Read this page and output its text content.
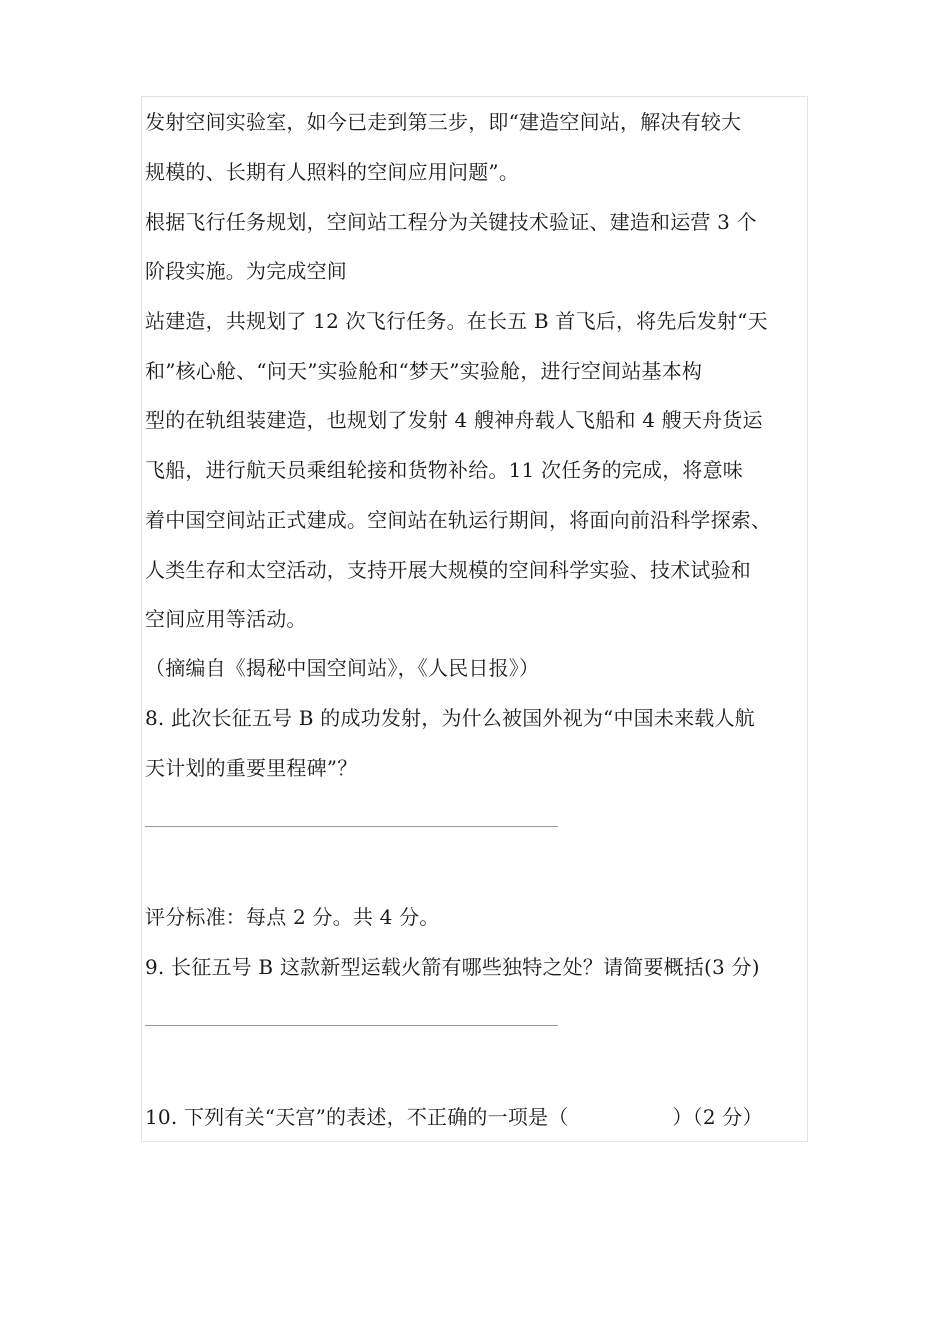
发射空间实验室，如今已走到第三步，即“建造空间站，解决有较大
规模的、长期有人照料的空间应用问题”。
根据飞行任务规划，空间站工程分为关键技术验证、建造和运营 3 个
阶段实施。为完成空间
站建造，共规划了 12 次飞行任务。在长五 B 首飞后，将先后发射“天
和”核心舱、“问天”实验舱和“梦天”实验舱，进行空间站基本构
型的在轨组装建造，也规划了发射 4 艘神舟载人飞船和 4 艘天舟货运
飞船，进行航天员乘组轮接和货物补给。11 次任务的完成，将意味
着中国空间站正式建成。空间站在轨运行期间，将面向前沿科学探索、
人类生存和太空活动，支持开展大规模的空间科学实验、技术试验和
空间应用等活动。
（摘编自《揭秘中国空间站》，《人民日报》）
8. 此次长征五号 B 的成功发射，为什么被国外视为“中国未来载人航
天计划的重要里程碑”？
评分标准：每点 2 分。共 4 分。
9. 长征五号 B 这款新型运载火箭有哪些独特之处？请简要概括(3 分)
10. 下列有关“天宫”的表述，不正确的一项是（	）（2 分）
